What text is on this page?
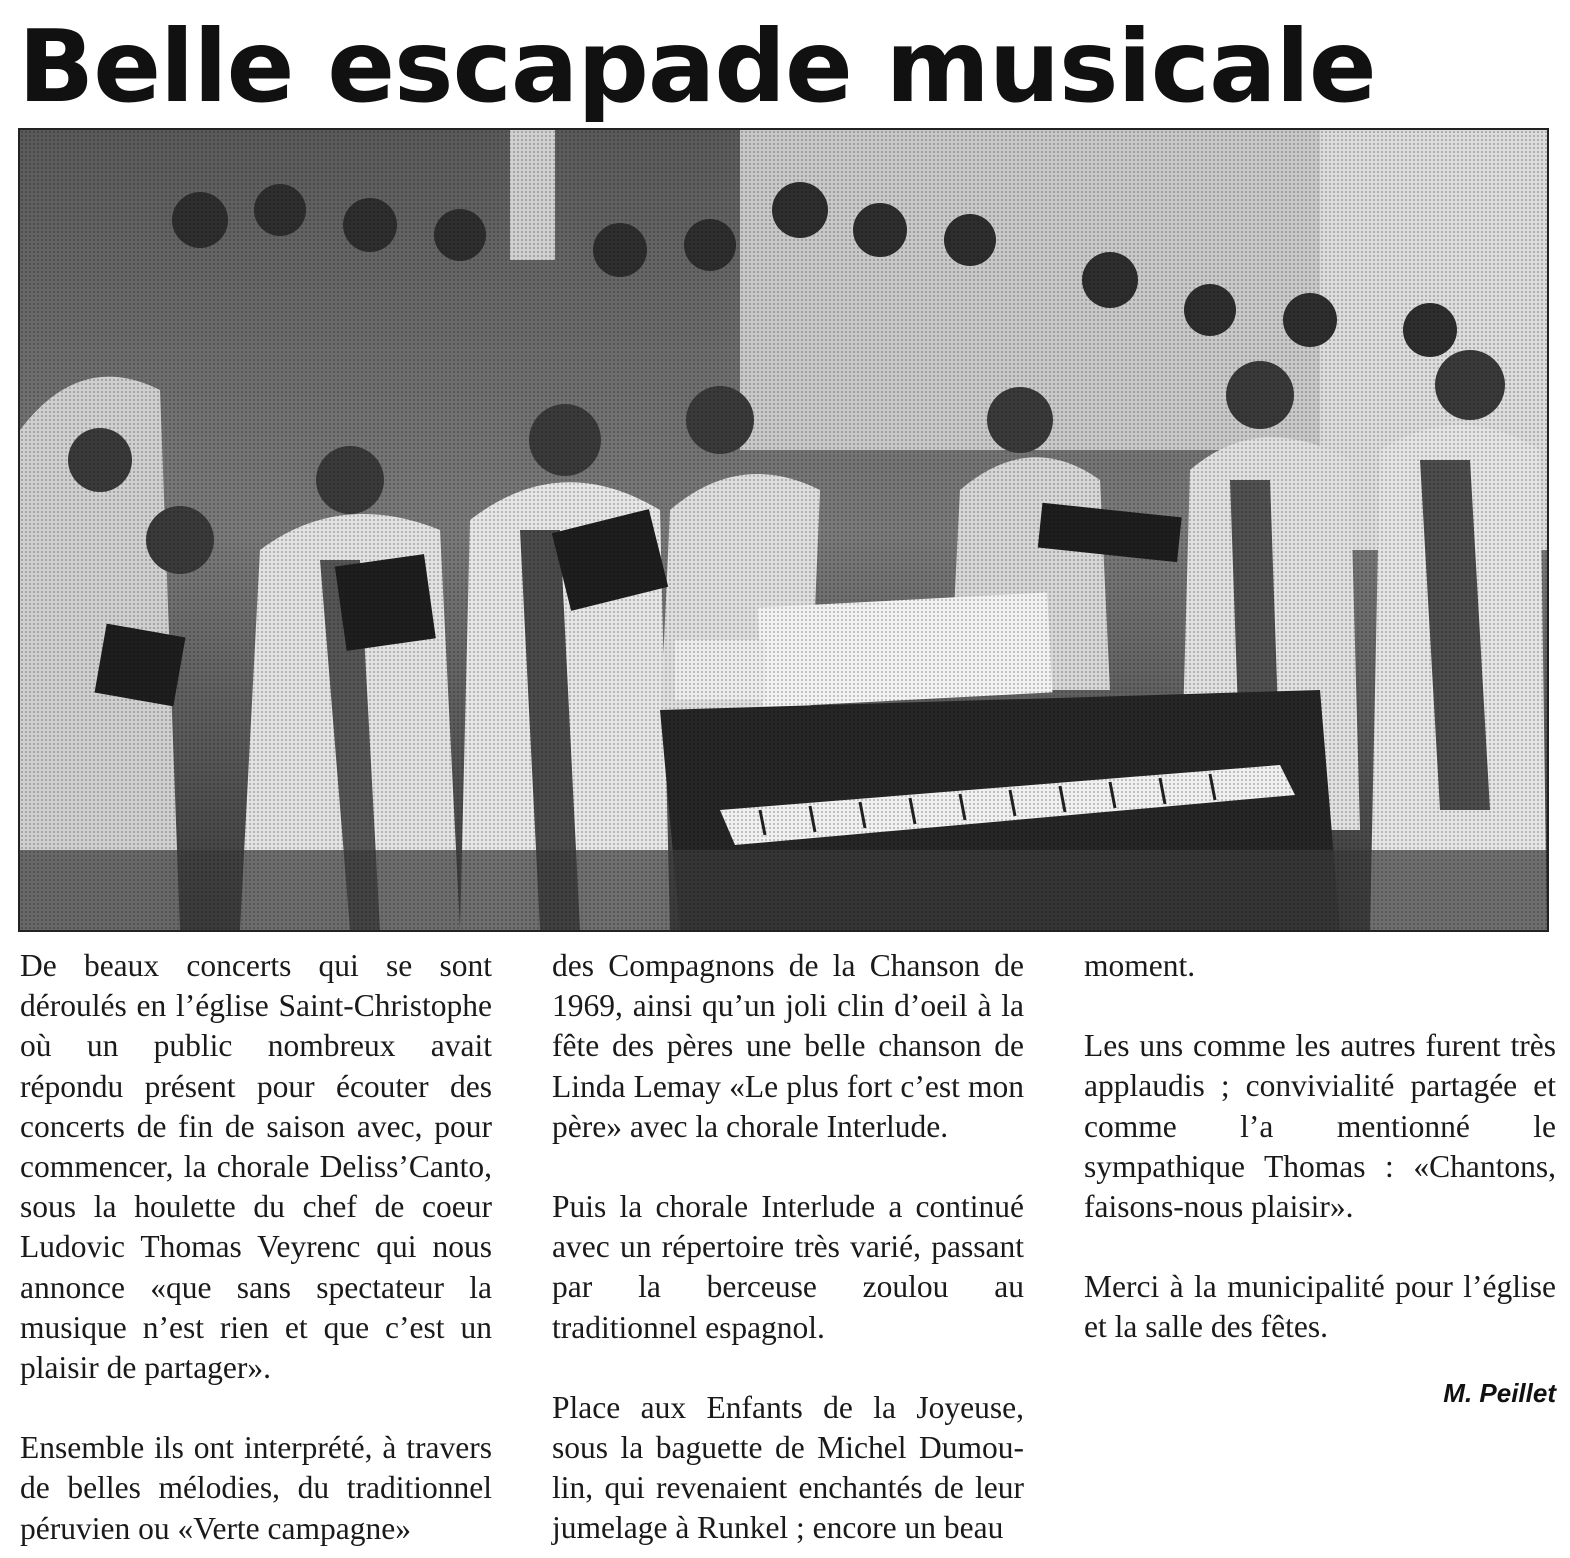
Belle escapade musicale

De beaux concerts qui se sont déroulés en l’église Saint-Christophe où un public nombreux avait répondu présent pour écouter des concerts de fin de saison avec, pour commencer, la chorale Deliss’Canto, sous la houlette du chef de coeur Ludovic Thomas Veyrenc qui nous annonce «que sans spectateur la musique n’est rien et que c’est un plaisir de partager».

Ensemble ils ont interprété, à travers de belles mélodies, du traditionnel péruvien ou «Verte campagne»

des Compagnons de la Chanson de 1969, ainsi qu’un joli clin d’oeil à la fête des pères une belle chanson de Linda Lemay «Le plus fort c’est mon père» avec la chorale Interlude.

Puis la chorale Interlude a continué avec un répertoire très varié, passant par la berceuse zoulou au traditionnel espagnol.

Place aux Enfants de la Joyeuse, sous la baguette de Michel Dumoulin, qui revenaient enchantés de leur jumelage à Runkel ; encore un beau

moment.

Les uns comme les autres furent très applaudis ; convivialité partagée et comme l’a mentionné le sympathique Thomas : «Chantons, faisons-nous plaisir».

Merci à la municipalité pour l’église et la salle des fêtes.

M. Peillet
